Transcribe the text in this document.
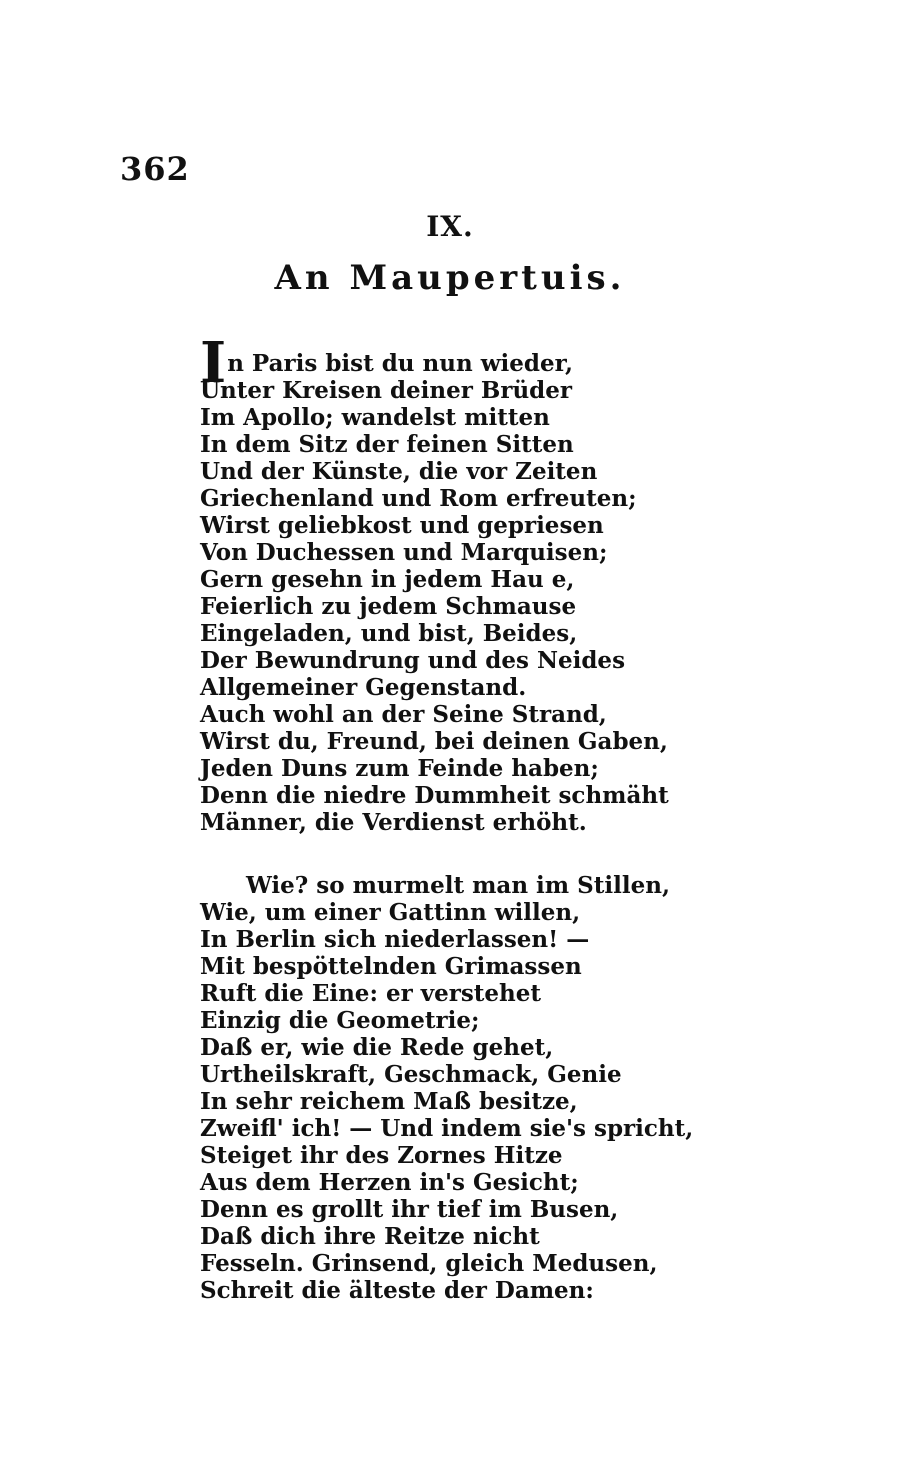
362
IX.
An Maupertuis.
In Paris bist du nun wieder,
Unter Kreisen deiner Brüder
Im Apollo; wandelst mitten
In dem Sitz der feinen Sitten
Und der Künste, die vor Zeiten
Griechenland und Rom erfreuten;
Wirst geliebkost und gepriesen
Von Duchessen und Marquisen;
Gern gesehn in jedem Hau e,
Feierlich zu jedem Schmause
Eingeladen, und bist, Beides,
Der Bewundrung und des Neides
Allgemeiner Gegenstand.
Auch wohl an der Seine Strand,
Wirst du, Freund, bei deinen Gaben,
Jeden Duns zum Feinde haben;
Denn die niedre Dummheit schmäht
Männer, die Verdienst erhöht.
Wie? so murmelt man im Stillen,
Wie, um einer Gattinn willen,
In Berlin sich niederlassen! —
Mit bespöttelnden Grimassen
Ruft die Eine: er verstehet
Einzig die Geometrie;
Daß er, wie die Rede gehet,
Urtheilskraft, Geschmack, Genie
In sehr reichem Maß besitze,
Zweifl' ich! — Und indem sie's spricht,
Steiget ihr des Zornes Hitze
Aus dem Herzen in's Gesicht;
Denn es grollt ihr tief im Busen,
Daß dich ihre Reitze nicht
Fesseln. Grinsend, gleich Medusen,
Schreit die älteste der Damen:
